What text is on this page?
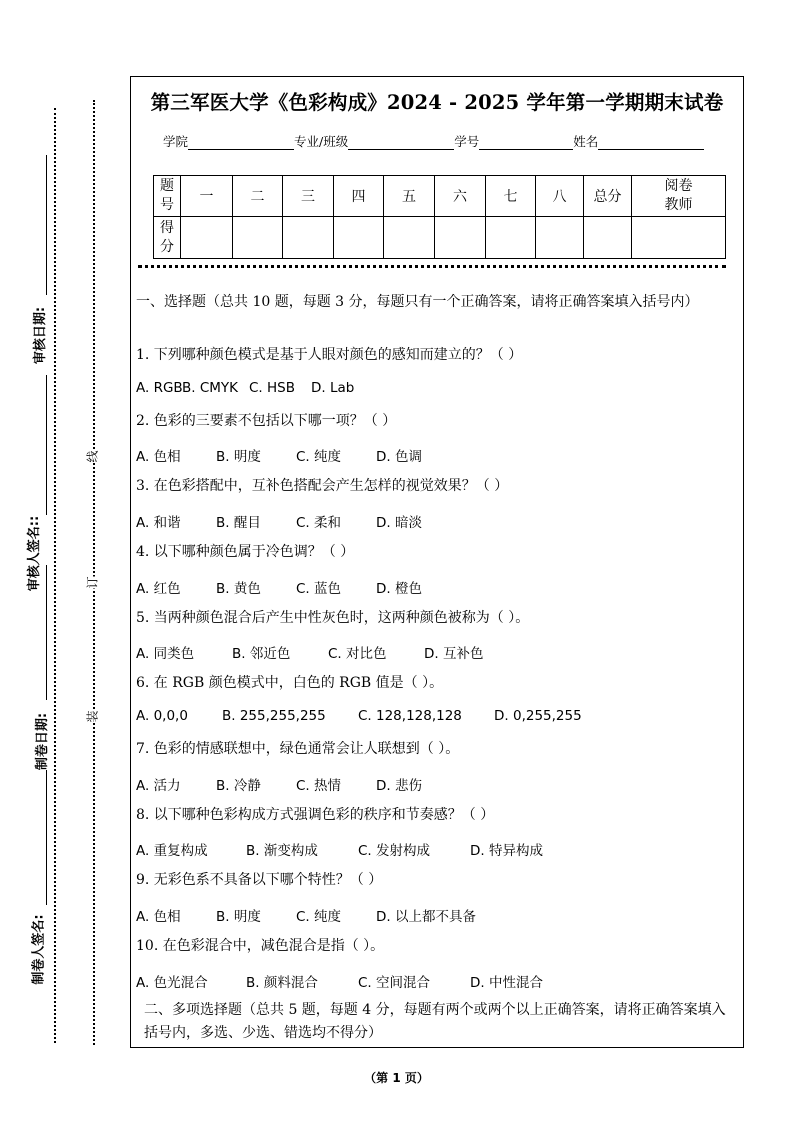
审核日期:
审核人签名::
制卷日期:
制卷人签名:
线
订
装
第三军医大学《色彩构成》2024 - 2025 学年第一学期期末试卷
学院	专业/班级	学号	姓名
题
号	一	二	三	四	五	六	七	八	总分	阅卷
教师

得
分										

一、选择题（总共 10 题，每题 3 分，每题只有一个正确答案，请将正确答案填入括号内）
1. 下列哪种颜色模式是基于人眼对颜色的感知而建立的？（ ）
A. RGBB. CMYK C. HSB D. Lab
2. 色彩的三要素不包括以下哪一项？（ ）
A. 色相	B. 明度	C. 纯度	D. 色调
3. 在色彩搭配中，互补色搭配会产生怎样的视觉效果？（ ）
A. 和谐	B. 醒目	C. 柔和	D. 暗淡
4. 以下哪种颜色属于冷色调？（ ）
A. 红色	B. 黄色	C. 蓝色	D. 橙色
5. 当两种颜色混合后产生中性灰色时，这两种颜色被称为（ ）。
A. 同类色	B. 邻近色	C. 对比色	D. 互补色
6. 在 RGB 颜色模式中，白色的 RGB 值是（ ）。
A. 0,0,0	B. 255,255,255 C. 128,128,128 D. 0,255,255
7. 色彩的情感联想中，绿色通常会让人联想到（ ）。
A. 活力	B. 冷静	C. 热情	D. 悲伤
8. 以下哪种色彩构成方式强调色彩的秩序和节奏感？（ ）
A. 重复构成	B. 渐变构成	C. 发射构成	D. 特异构成
9. 无彩色系不具备以下哪个特性？（ ）
A. 色相	B. 明度	C. 纯度	D. 以上都不具备
10. 在色彩混合中，减色混合是指（ ）。
A. 色光混合	B. 颜料混合	C. 空间混合	D. 中性混合
二、多项选择题（总共 5 题，每题 4 分，每题有两个或两个以上正确答案，请将正确答案填入括号内，多选、少选、错选均不得分）
（第 1 页）
